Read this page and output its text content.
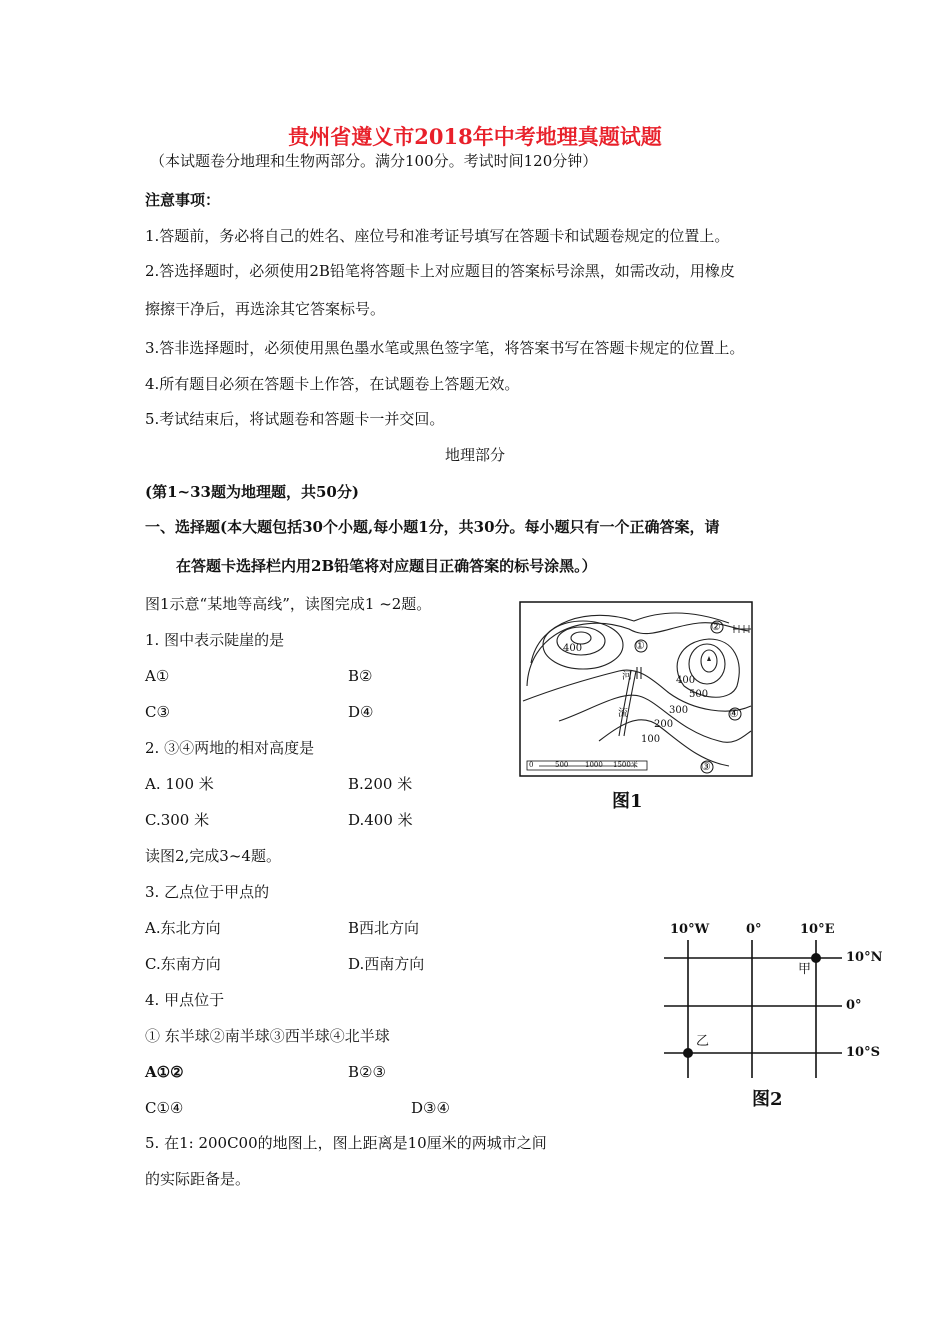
贵州省遵义市2018年中考地理真题试题
（本试题卷分地理和生物两部分。满分100分。考试时间120分钟）
注意事项：
1.答题前，务必将自己的姓名、座位号和准考证号填写在答题卡和试题卷规定的位置上。
2.答选择题时，必须使用2B铅笔将答题卡上对应题目的答案标号涂黑，如需改动，用橡皮
擦擦干净后，再选涂其它答案标号。
3.答非选择题时，必须使用黑色墨水笔或黑色签字笔，将答案书写在答题卡规定的位置上。
4.所有题目必须在答题卡上作答，在试题卷上答题无效。
5.考试结束后，将试题卷和答题卡一并交回。
地理部分
(第1~33题为地理题，共50分)
一、选择题(本大题包括30个小题,每小题1分，共30分。每小题只有一个正确答案，请
在答题卡选择栏内用2B铅笔将对应题目正确答案的标号涂黑。）
图1示意“某地等高线”，读图完成1 ~2题。
1. 图中表示陡崖的是
A①	B②
C③	D④
2. ③④两地的相对高度是
A. 100 米	B.200 米
C.300 米	D.400 米
读图2,完成3~4题。
3. 乙点位于甲点的
A.东北方向	B西北方向
C.东南方向	D.西南方向
4. 甲点位于
① 东半球②南半球③西半球④北半球
A①②	B②③
C①④	D③④
5. 在1: 200C00的地图上，图上距离是10厘米的两城市之间
的实际距备是。
400
500
400
300
200
100
河
流
①
②
③
④
0	500 1000 1500米
图1
10°W	0°	10°E
10°N
0°
10°S
甲
乙
图2
